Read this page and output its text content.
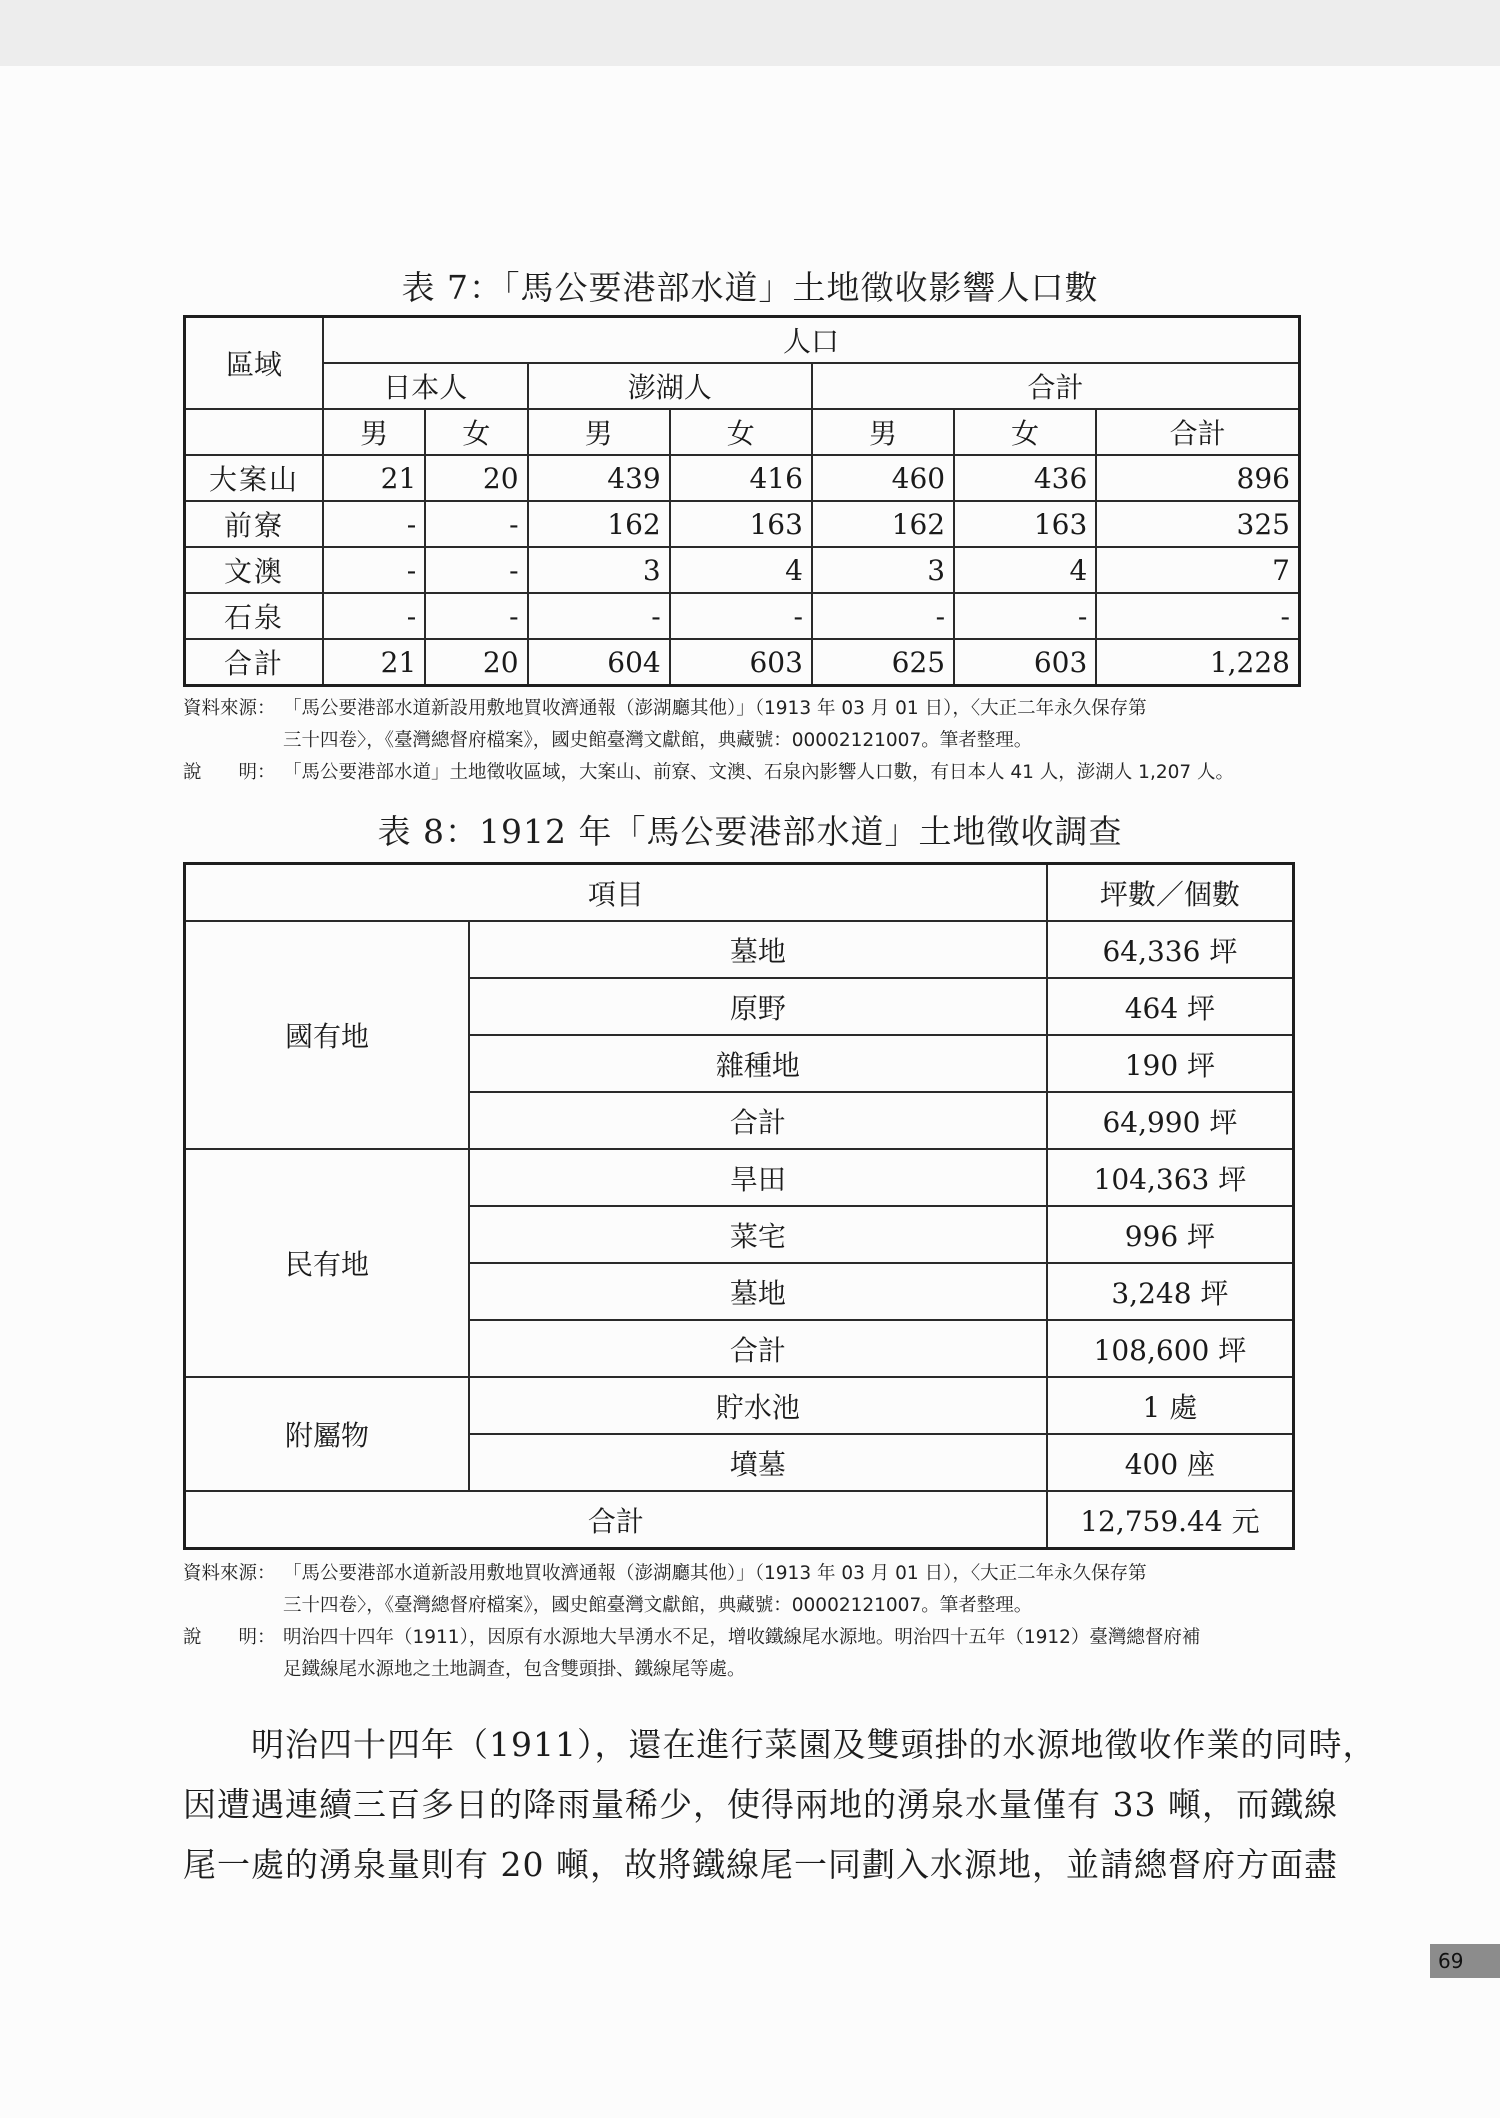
表 7：「馬公要港部水道」土地徵收影響人口數
區域	人口						
	日本人		澎湖人		合計		
	男	女	男	女	男	女	合計
大案山	21	20	439	416	460	436	896
前寮	-	-	162	163	162	163	325
文澳	-	-	3	4	3	4	7
石泉	-	-	-	-	-	-	-
合計	21	20	604	603	625	603	1,228
資料來源： 「馬公要港部水道新設用敷地買收濟通報（澎湖廳其他）」（1913 年 03 月 01 日），〈大正二年永久保存第
三十四卷〉，《臺灣總督府檔案》，國史館臺灣文獻館，典藏號：00002121007。筆者整理。
說　　明： 「馬公要港部水道」土地徵收區域，大案山、前寮、文澳、石泉內影響人口數，有日本人 41 人，澎湖人 1,207 人。
表 8：1912 年「馬公要港部水道」土地徵收調查
項目		坪數／個數
國有地	墓地	64,336 坪
	原野	464 坪
	雜種地	190 坪
	合計	64,990 坪
民有地	旱田	104,363 坪
	菜宅	996 坪
	墓地	3,248 坪
	合計	108,600 坪
附屬物	貯水池	1 處
	墳墓	400 座
合計		12,759.44 元
資料來源： 「馬公要港部水道新設用敷地買收濟通報（澎湖廳其他）」（1913 年 03 月 01 日），〈大正二年永久保存第
三十四卷〉，《臺灣總督府檔案》，國史館臺灣文獻館，典藏號：00002121007。筆者整理。
說　　明： 明治四十四年（1911），因原有水源地大旱湧水不足，增收鐵線尾水源地。明治四十五年（1912）臺灣總督府補
足鐵線尾水源地之土地調查，包含雙頭掛、鐵線尾等處。
　　明治四十四年（1911），還在進行菜園及雙頭掛的水源地徵收作業的同時，
因遭遇連續三百多日的降雨量稀少，使得兩地的湧泉水量僅有 33 噸，而鐵線
尾一處的湧泉量則有 20 噸，故將鐵線尾一同劃入水源地，並請總督府方面盡
69
